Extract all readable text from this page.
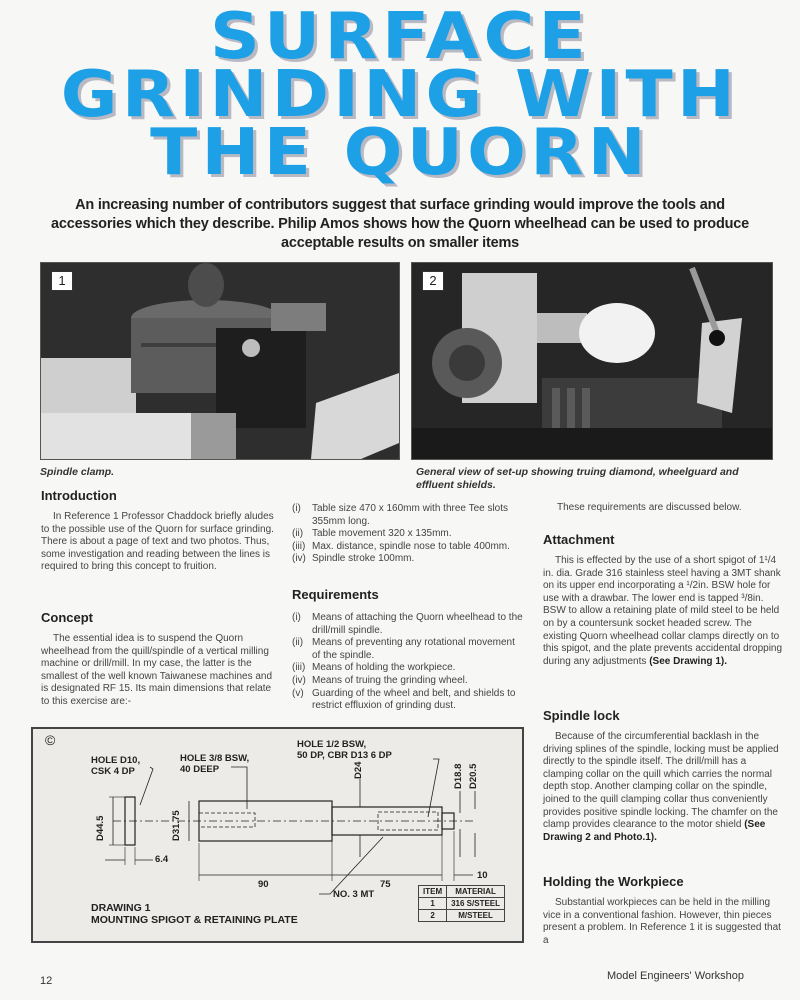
SURFACE
GRINDING WITH
THE QUORN
An increasing number of contributors suggest that surface grinding would improve the tools and accessories which they describe. Philip Amos shows how the Quorn wheelhead can be used to produce acceptable results on smaller items
1
Spindle clamp.
2
General view of set-up showing truing diamond, wheelguard and effluent shields.
Introduction
In Reference 1 Professor Chaddock briefly aludes to the possible use of the Quorn for surface grinding. There is about a page of text and two photos. Thus, some investigation and reading between the lines is required to bring this concept to fruition.
Concept
The essential idea is to suspend the Quorn wheelhead from the quill/spindle of a vertical milling machine or drill/mill. In my case, the latter is the smallest of the well known Taiwanese machines and is designated RF 15. Its main dimensions that relate to this exercise are:-
(i)	Table size 470 x 160mm with three Tee slots 355mm long.
(ii) Table movement 320 x 135mm.
(iii) Max. distance, spindle nose to table 400mm.
(iv) Spindle stroke 100mm.
Requirements
(i)	Means of attaching the Quorn wheelhead to the drill/mill spindle.
(ii) Means of preventing any rotational movement of the spindle.
(iii) Means of holding the workpiece.
(iv) Means of truing the grinding wheel.
(v) Guarding of the wheel and belt, and shields to restrict effluxion of grinding dust.
These requirements are discussed below.
Attachment
This is effected by the use of a short spigot of 1¹/4 in. dia. Grade 316 stainless steel having a 3MT shank on its upper end incorporating a ¹/2in. BSW hole for use with a drawbar. The lower end is tapped ³/8in. BSW to allow a retaining plate of mild steel to be held on by a countersunk socket headed screw. The existing Quorn wheelhead collar clamps directly on to this spigot, and the plate prevents accidental dropping during any adjustments (See Drawing 1).
Spindle lock
Because of the circumferential backlash in the driving splines of the spindle, locking must be applied directly to the spindle itself. The drill/mill has a clamping collar on the quill which carries the normal depth stop. Another clamping collar on the spindle, joined to the quill clamping collar thus conveniently provides positive spindle locking. The chamfer on the clamp provides clearance to the motor shield (See Drawing 2 and Photo.1).
Holding the Workpiece
Substantial workpieces can be held in the milling vice in a conventional fashion. However, thin pieces present a problem. In Reference 1 it is suggested that a
©
HOLE D10,
CSK 4 DP
HOLE 3/8 BSW,
40 DEEP
HOLE 1/2 BSW,
50 DP, CBR D13 6 DP
D44.5	D31.75
D24	D18.8 D20.5
6.4
90	75
10
NO. 3 MT	ITEM	MATERIAL
1	316 S/STEEL
2	M/STEEL
DRAWING 1
MOUNTING SPIGOT & RETAINING PLATE
12	Model Engineers' Workshop
